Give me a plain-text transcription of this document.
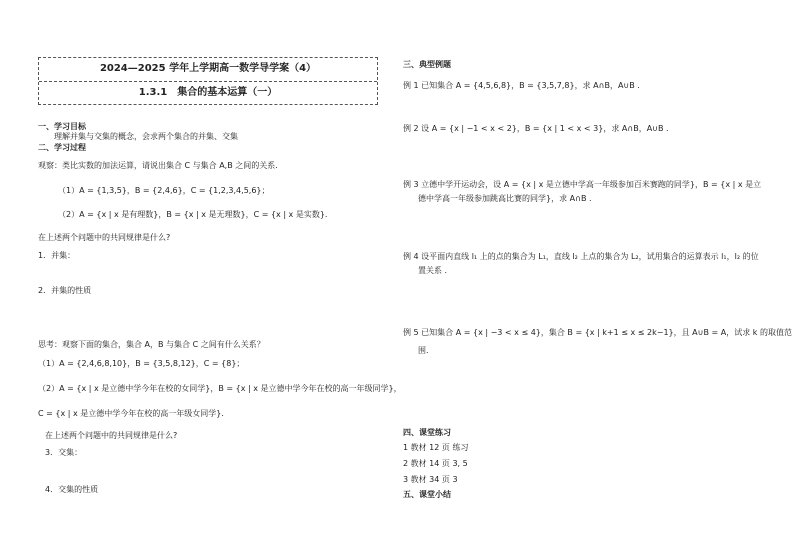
2024—2025 学年上学期高一数学导学案（4）
1.3.1　集合的基本运算（一）
一、学习目标
理解并集与交集的概念，会求两个集合的并集、交集
二、学习过程
观察：类比实数的加法运算，请说出集合 C 与集合 A,B 之间的关系.
（1）A = {1,3,5}，B = {2,4,6}，C = {1,2,3,4,5,6}；
（2）A = {x | x 是有理数}，B = {x | x 是无理数}，C = {x | x 是实数}.
在上述两个问题中的共同规律是什么?
1．并集：
2．并集的性质
思考：观察下面的集合，集合 A，B 与集合 C 之间有什么关系？
（1）A = {2,4,6,8,10}，B = {3,5,8,12}，C = {8}；
（2）A = {x | x 是立德中学今年在校的女同学}，B = {x | x 是立德中学今年在校的高一年级同学}，
C = {x | x 是立德中学今年在校的高一年级女同学}.
在上述两个问题中的共同规律是什么?
3．交集：
4．交集的性质
三、典型例题
例 1 已知集合 A = {4,5,6,8}，B = {3,5,7,8}，求 A∩B，A∪B .
例 2 设 A = {x | −1 < x < 2}，B = {x | 1 < x < 3}，求 A∩B，A∪B .
例 3 立德中学开运动会，设 A = {x | x 是立德中学高一年级参加百米赛跑的同学}，B = {x | x 是立
德中学高一年级参加跳高比赛的同学}，求 A∩B .
例 4 设平面内直线 l₁ 上的点的集合为 L₁，直线 l₂ 上点的集合为 L₂，试用集合的运算表示 l₁，l₂ 的位
置关系 .
例 5 已知集合 A = {x | −3 < x ≤ 4}，集合 B = {x | k+1 ≤ x ≤ 2k−1}，且 A∪B = A，试求 k 的取值范
围.
四、课堂练习
1 教材 12 页 练习
2 教材 14 页 3, 5
3 教材 34 页 3
五、课堂小结
